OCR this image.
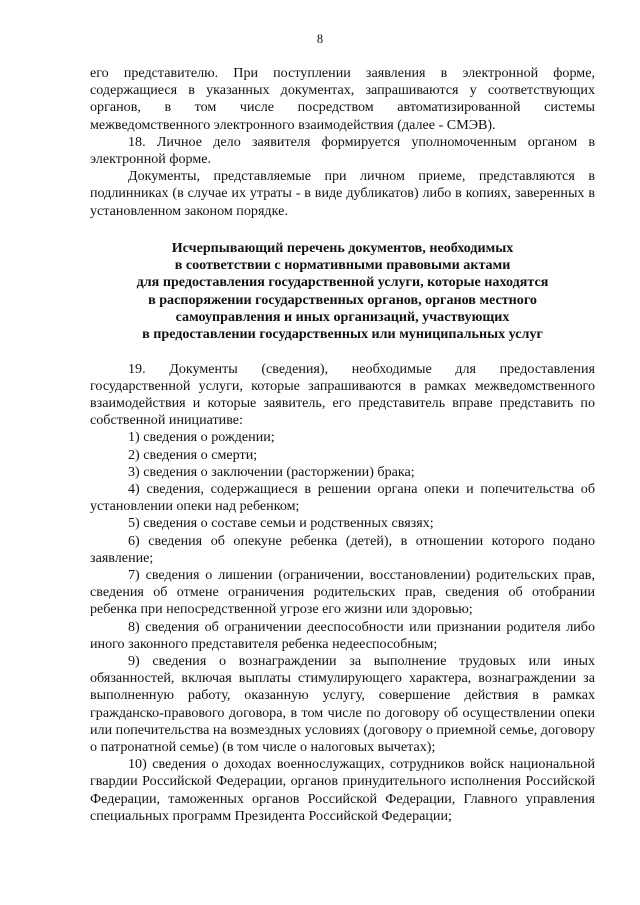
8

его представителю. При поступлении заявления в электронной форме, содержащиеся в указанных документах, запрашиваются у соответствующих органов, в том числе посредством автоматизированной системы межведомственного электронного взаимодействия (далее - СМЭВ).

18. Личное дело заявителя формируется уполномоченным органом в электронной форме.

Документы, представляемые при личном приеме, представляются в подлинниках (в случае их утраты - в виде дубликатов) либо в копиях, заверенных в установленном законом порядке.

Исчерпывающий перечень документов, необходимых
в соответствии с нормативными правовыми актами
для предоставления государственной услуги, которые находятся
в распоряжении государственных органов, органов местного
самоуправления и иных организаций, участвующих
в предоставлении государственных или муниципальных услуг

19. Документы (сведения), необходимые для предоставления государственной услуги, которые запрашиваются в рамках межведомственного взаимодействия и которые заявитель, его представитель вправе представить по собственной инициативе:

1) сведения о рождении;

2) сведения о смерти;

3) сведения о заключении (расторжении) брака;

4) сведения, содержащиеся в решении органа опеки и попечительства об установлении опеки над ребенком;

5) сведения о составе семьи и родственных связях;

6) сведения об опекуне ребенка (детей), в отношении которого подано заявление;

7) сведения о лишении (ограничении, восстановлении) родительских прав, сведения об отмене ограничения родительских прав, сведения об отобрании ребенка при непосредственной угрозе его жизни или здоровью;

8) сведения об ограничении дееспособности или признании родителя либо иного законного представителя ребенка недееспособным;

9) сведения о вознаграждении за выполнение трудовых или иных обязанностей, включая выплаты стимулирующего характера, вознаграждении за выполненную работу, оказанную услугу, совершение действия в рамках гражданско-правового договора, в том числе по договору об осуществлении опеки или попечительства на возмездных условиях (договору о приемной семье, договору о патронатной семье) (в том числе о налоговых вычетах);

10) сведения о доходах военнослужащих, сотрудников войск национальной гвардии Российской Федерации, органов принудительного исполнения Российской Федерации, таможенных органов Российской Федерации, Главного управления специальных программ Президента Российской Федерации;
